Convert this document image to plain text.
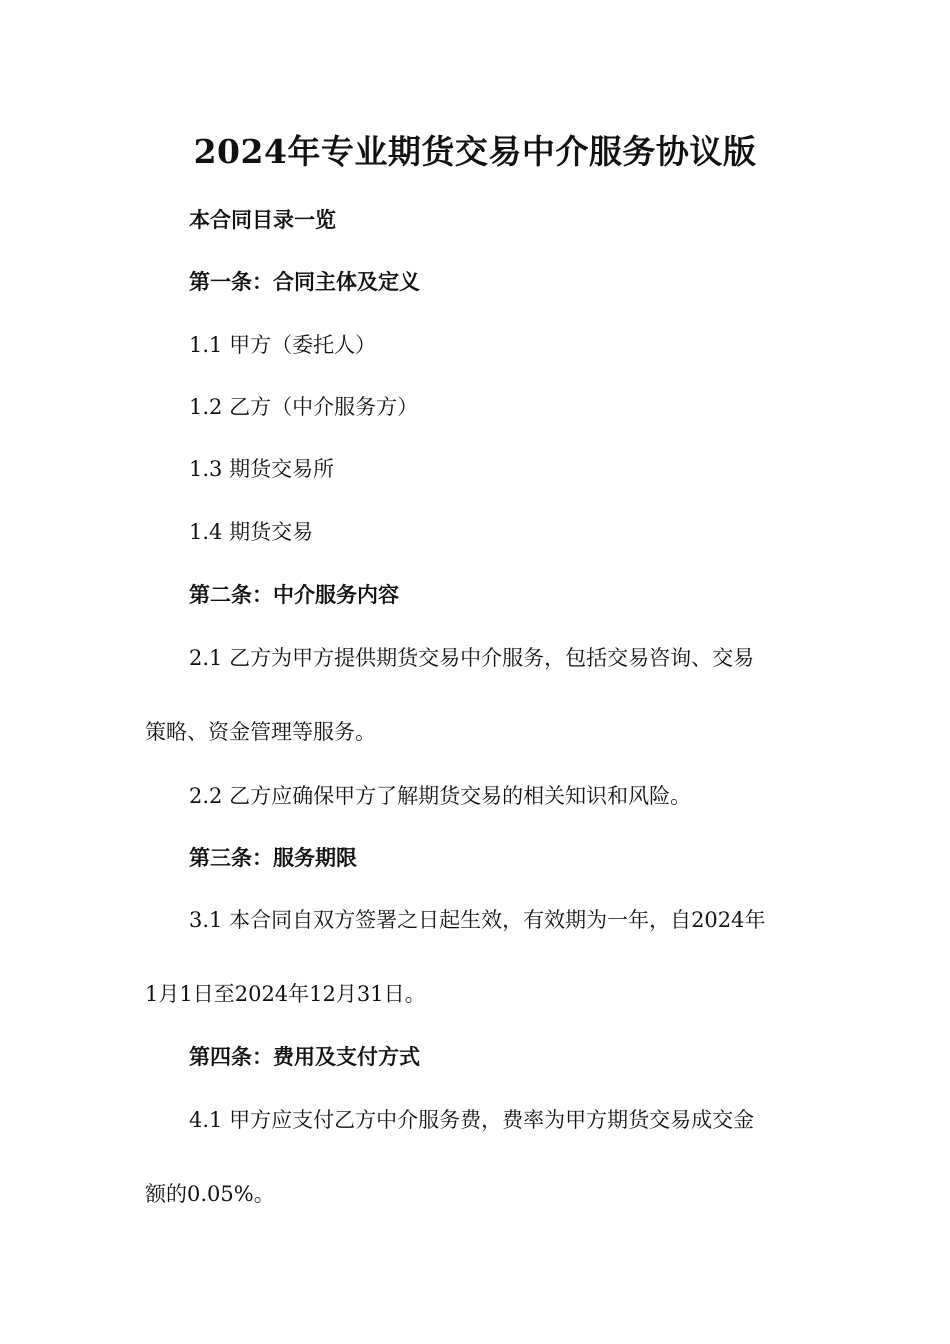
2024年专业期货交易中介服务协议版
本合同目录一览
第一条：合同主体及定义
1.1 甲方（委托人）
1.2 乙方（中介服务方）
1.3 期货交易所
1.4 期货交易
第二条：中介服务内容
2.1 乙方为甲方提供期货交易中介服务，包括交易咨询、交易
策略、资金管理等服务。
2.2 乙方应确保甲方了解期货交易的相关知识和风险。
第三条：服务期限
3.1 本合同自双方签署之日起生效，有效期为一年，自2024年
1月1日至2024年12月31日。
第四条：费用及支付方式
4.1 甲方应支付乙方中介服务费，费率为甲方期货交易成交金
额的0.05%。
